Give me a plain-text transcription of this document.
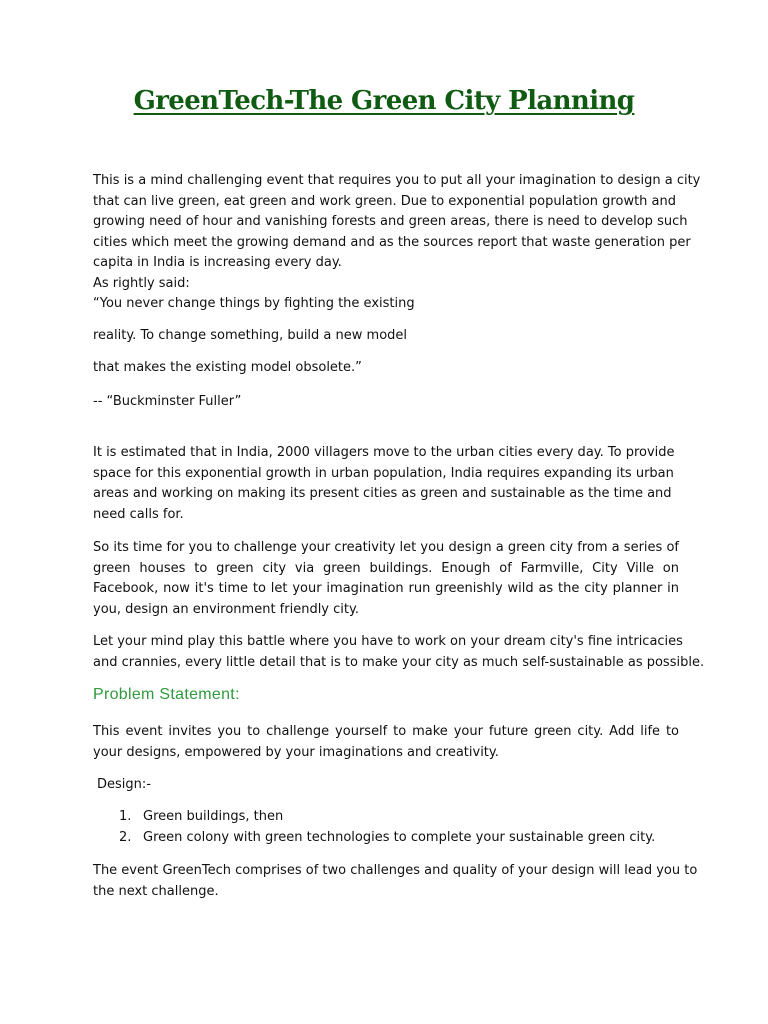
GreenTech-The Green City Planning
This is a mind challenging event that requires you to put all your imagination to design a city
that can live green, eat green and work green. Due to exponential population growth and
growing need of hour and vanishing forests and green areas, there is need to develop such
cities which meet the growing demand and as the sources report that waste generation per
capita in India is increasing every day.
As rightly said:
“You never change things by fighting the existing

reality. To change something, build a new model

that makes the existing model obsolete.”

-- “Buckminster Fuller”

It is estimated that in India, 2000 villagers move to the urban cities every day. To provide
space for this exponential growth in urban population, India requires expanding its urban
areas and working on making its present cities as green and sustainable as the time and
need calls for.

So its time for you to challenge your creativity let you design a green city from a series of green houses to green city via green buildings. Enough of Farmville, City Ville on Facebook, now it's time to let your imagination run greenishly wild as the city planner in you, design an environment friendly city.

Let your mind play this battle where you have to work on your dream city's fine intricacies
and crannies, every little detail that is to make your city as much self-sustainable as possible.
Problem Statement:

This event invites you to challenge yourself to make your future green city. Add life to your designs, empowered by your imaginations and creativity.

Design:-
1. Green buildings, then
2. Green colony with green technologies to complete your sustainable green city.
The event GreenTech comprises of two challenges and quality of your design will lead you to
the next challenge.
